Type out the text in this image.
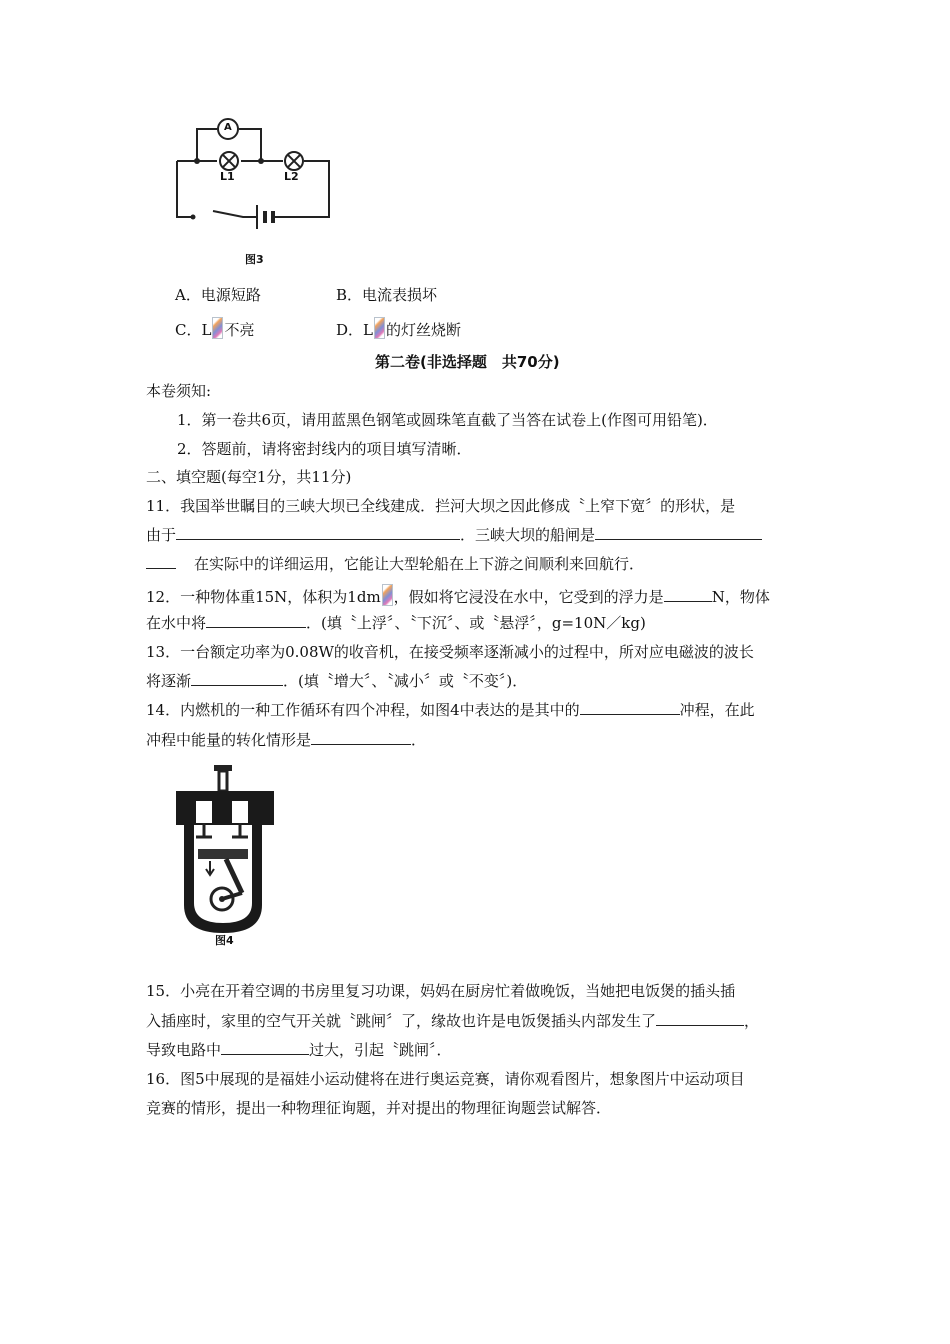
A
L1	L2
图3
A．电源短路	B．电流表损坏
C．L 不亮	D．L 的灯丝烧断
第二卷(非选择题　共70分)
本卷须知:
1．第一卷共6页，请用蓝黑色钢笔或圆珠笔直截了当答在试卷上(作图可用铅笔)．
2．答题前，请将密封线内的项目填写清晰．
二、填空题(每空1分，共11分)
11．我国举世瞩目的三峡大坝已全线建成．拦河大坝之因此修成〝上窄下宽〞的形状，是
由于	．三峡大坝的船闸是
在实际中的详细运用，它能让大型轮船在上下游之间顺利来回航行．
12．一种物体重15N，体积为1dm ，假如将它浸没在水中，它受到的浮力是	N，物体
在水中将	．(填〝上浮〞、〝下沉〞、或〝悬浮〞，g=10N／kg)
13．一台额定功率为0.08W的收音机，在接受频率逐渐减小的过程中，所对应电磁波的波长
将逐渐	．(填〝增大〞、〝减小〞或〝不变〞)．
14．内燃机的一种工作循环有四个冲程，如图4中表达的是其中的	冲程，在此
冲程中能量的转化情形是	．
图4
15．小亮在开着空调的书房里复习功课，妈妈在厨房忙着做晚饭，当她把电饭煲的插头插
入插座时，家里的空气开关就〝跳闸〞了，缘故也许是电饭煲插头内部发生了	，
导致电路中	过大，引起〝跳闸〞．
16．图5中展现的是福娃小运动健将在进行奥运竞赛，请你观看图片，想象图片中运动项目
竞赛的情形，提出一种物理征询题，并对提出的物理征询题尝试解答．
